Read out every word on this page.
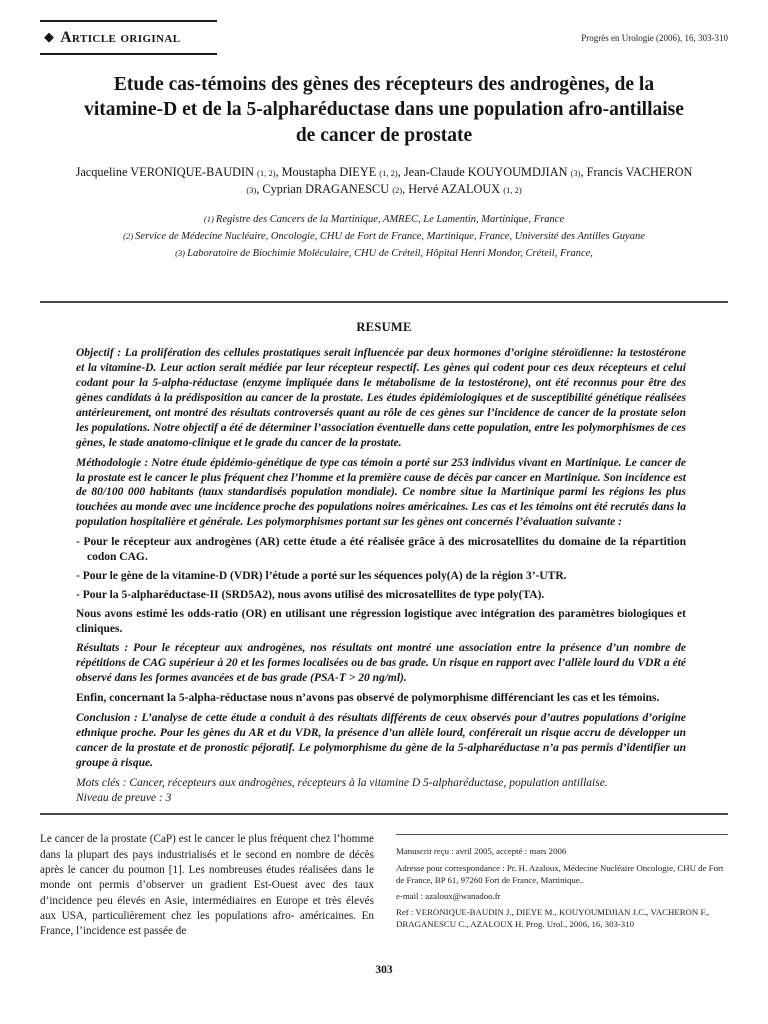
◆ Article original	Progrès en Urologie (2006), 16, 303-310
Etude cas-témoins des gènes des récepteurs des androgènes, de la vitamine-D et de la 5-alpharéductase dans une population afro-antillaise de cancer de prostate
Jacqueline VERONIQUE-BAUDIN (1, 2), Moustapha DIEYE (1, 2), Jean-Claude KOUYOUMDJIAN (3), Francis VACHERON (3), Cyprian DRAGANESCU (2), Hervé AZALOUX (1, 2)
(1) Registre des Cancers de la Martinique, AMREC, Le Lamentin, Martinique, France
(2) Service de Médecine Nucléaire, Oncologie, CHU de Fort de France, Martinique, France, Université des Antilles Guyane
(3) Laboratoire de Biochimie Moléculaire, CHU de Créteil, Hôpital Henri Mondor, Créteil, France,
RESUME

Objectif : La prolifération des cellules prostatiques serait influencée par deux hormones d’origine stéroïdienne: la testostérone et la vitamine-D. Leur action serait médiée par leur récepteur respectif. Les gènes qui codent pour ces deux récepteurs et celui codant pour la 5-alpha-réductase (enzyme impliquée dans le métabolisme de la testostérone), ont été reconnus pour être des gènes candidats à la prédisposition au cancer de la prostate. Les études épidémiologiques et de susceptibilité génétique réalisées antérieurement, ont montré des résultats controversés quant au rôle de ces gènes sur l’incidence de cancer de la prostate selon les populations. Notre objectif a été de déterminer l’association éventuelle dans cette population, entre les polymorphismes de ces gènes, le stade anatomo-clinique et le grade du cancer de la prostate.

Méthodologie : Notre étude épidémio-génétique de type cas témoin a porté sur 253 individus vivant en Martinique. Le cancer de la prostate est le cancer le plus fréquent chez l’homme et la première cause de décès par cancer en Martinique. Son incidence est de 80/100 000 habitants (taux standardisés population mondiale). Ce nombre situe la Martinique parmi les régions les plus touchées au monde avec une incidence proche des populations noires américaines. Les cas et les témoins ont été recrutés dans la population hospitalière et générale. Les polymorphismes portant sur les gènes ont concernés l’évaluation suivante :

- Pour le récepteur aux androgènes (AR) cette étude a été réalisée grâce à des microsatellites du domaine de la répartition codon CAG.

- Pour le gène de la vitamine-D (VDR) l’étude a porté sur les séquences poly(A) de la région 3’-UTR.

- Pour la 5-alpharéductase-II (SRD5A2), nous avons utilisé des microsatellites de type poly(TA).

Nous avons estimé les odds-ratio (OR) en utilisant une régression logistique avec intégration des paramètres biologiques et cliniques.

Résultats : Pour le récepteur aux androgènes, nos résultats ont montré une association entre la présence d’un nombre de répétitions de CAG supérieur à 20 et les formes localisées ou de bas grade. Un risque en rapport avec l’allèle lourd du VDR a été observé dans les formes avancées et de bas grade (PSA-T > 20 ng/ml).

Enfin, concernant la 5-alpha-réductase nous n’avons pas observé de polymorphisme différenciant les cas et les témoins.

Conclusion : L’analyse de cette étude a conduit à des résultats différents de ceux observés pour d’autres populations d’origine ethnique proche. Pour les gènes du AR et du VDR, la présence d’un allèle lourd, conférerait un risque accru de développer un cancer de la prostate et de pronostic péjoratif. Le polymorphisme du gène de la 5-alpharéductase n’a pas permis d’identifier un groupe à risque.

Mots clés : Cancer, récepteurs aux androgènes, récepteurs à la vitamine D 5-alpharéductase, population antillaise.

Niveau de preuve : 3

Le cancer de la prostate (CaP) est le cancer le plus fréquent chez l’homme dans la plupart des pays industrialisés et le second en nombre de décès après le cancer du poumon [1]. Les nombreuses études réalisées dans le monde ont permis d’observer un gradient Est-Ouest avec des taux d’incidence peu élevés en Asie, intermédiaires en Europe et très élevés aux USA, particulièrement chez les populations afro- américaines. En France, l’incidence est passée de

Manuscrit reçu : avril 2005, accepté : mars 2006

Adresse pour correspondance : Pr. H. Azaloux, Médecine Nucléaire Oncologie, CHU de Fort de France, BP 61, 97260 Fort de France, Martinique..

e-mail : azaloux@wanadoo.fr

Ref : VERONIQUE-BAUDIN J., DIEYE M., KOUYOUMDJIAN J.C., VACHERON F., DRAGANESCU C., AZALOUX H. Prog. Urol., 2006, 16, 303-310

303
